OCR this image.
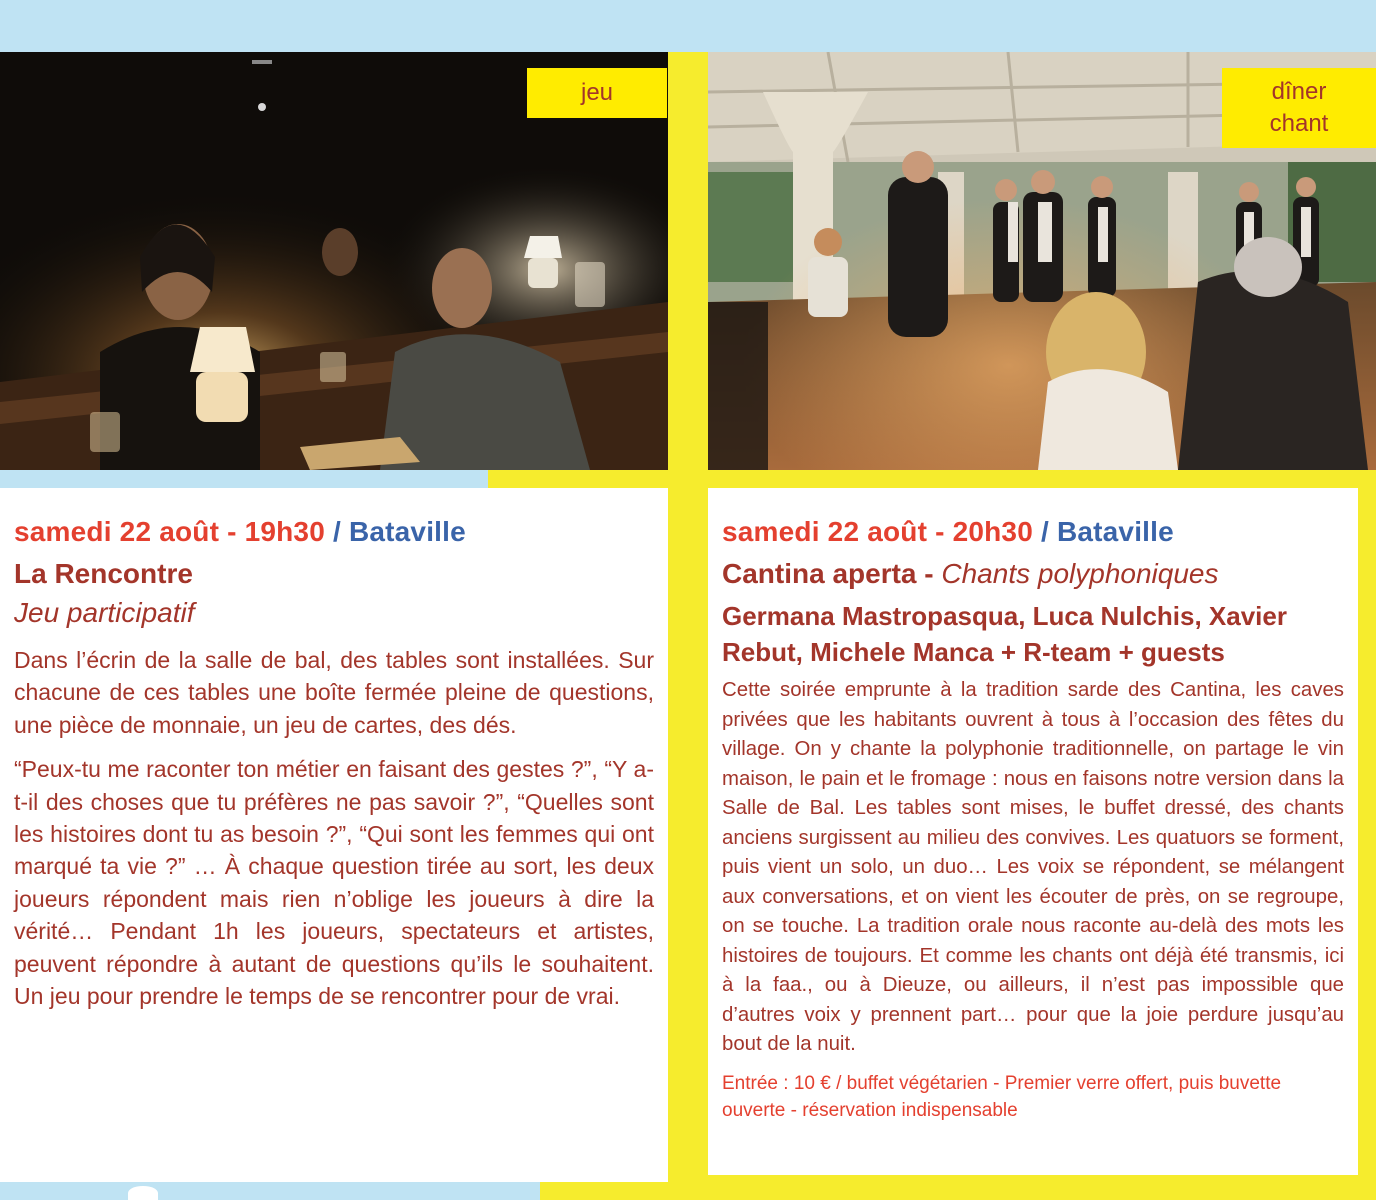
jeu	dîner
chant

samedi 22 août - 19h30 / Bataville

La Rencontre

Jeu participatif

Dans l’écrin de la salle de bal, des tables sont installées. Sur chacune de ces tables une boîte fermée pleine de questions, une pièce de monnaie, un jeu de cartes, des dés.

“Peux-tu me raconter ton métier en faisant des gestes ?”, “Y a-t-il des choses que tu préfères ne pas savoir ?”, “Quelles sont les histoires dont tu as besoin ?”, “Qui sont les femmes qui ont marqué ta vie ?” … À chaque question tirée au sort, les deux joueurs répondent mais rien n’oblige les joueurs à dire la vérité… Pendant 1h les joueurs, spectateurs et artistes, peuvent répondre à autant de questions qu’ils le souhaitent. Un jeu pour prendre le temps de se rencontrer pour de vrai.

samedi 22 août - 20h30 / Bataville

Cantina aperta - Chants polyphoniques

Germana Mastropasqua, Luca Nulchis, Xavier Rebut, Michele Manca + R-team + guests

Cette soirée emprunte à la tradition sarde des Cantina, les caves privées que les habitants ouvrent à tous à l’occasion des fêtes du village. On y chante la polyphonie traditionnelle, on partage le vin maison, le pain et le fromage : nous en faisons notre version dans la Salle de Bal. Les tables sont mises, le buffet dressé, des chants anciens surgissent au milieu des convives. Les quatuors se forment, puis vient un solo, un duo… Les voix se répondent, se mélangent aux conversations, et on vient les écouter de près, on se regroupe, on se touche. La tradition orale nous raconte au-delà des mots les histoires de toujours. Et comme les chants ont déjà été transmis, ici à la faa., ou à Dieuze, ou ailleurs, il n’est pas impossible que d’autres voix y prennent part… pour que la joie perdure jusqu’au bout de la nuit.

Entrée : 10 € / buffet végétarien - Premier verre offert, puis buvette ouverte - réservation indispensable
